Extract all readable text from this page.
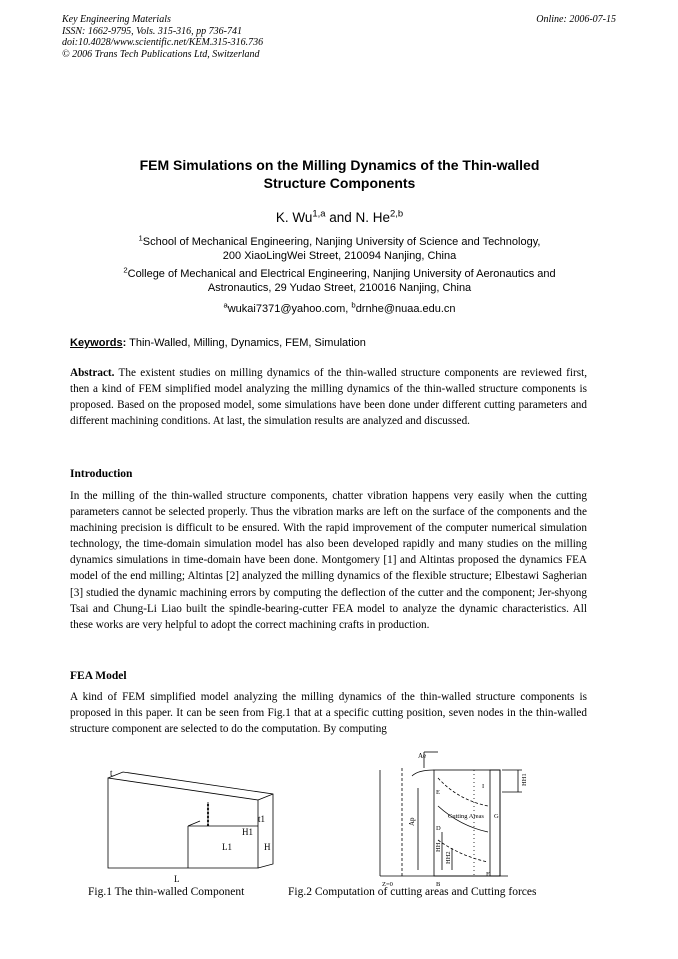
Key Engineering Materials
ISSN: 1662-9795, Vols. 315-316, pp 736-741
doi:10.4028/www.scientific.net/KEM.315-316.736
© 2006 Trans Tech Publications Ltd, Switzerland
Online: 2006-07-15
FEM Simulations on the Milling Dynamics of the Thin-walled
Structure Components
K. Wu$^{1,a}$ and N. He$^{2,b}$
$^1$School of Mechanical Engineering, Nanjing University of Science and Technology,
200 XiaoLingWei Street, 210094 Nanjing, China
$^2$College of Mechanical and Electrical Engineering, Nanjing University of Aeronautics and
Astronautics, 29 Yudao Street, 210016 Nanjing, China
$^a$wukai7371@yahoo.com, $^b$drnhe@nuaa.edu.cn
Keywords: Thin-Walled, Milling, Dynamics, FEM, Simulation
Abstract. The existent studies on milling dynamics of the thin-walled structure components are reviewed first, then a kind of FEM simplified model analyzing the milling dynamics of the thin-walled structure components is proposed. Based on the proposed model, some simulations have been done under different cutting parameters and different machining conditions. At last, the simulation results are analyzed and discussed.
Introduction
In the milling of the thin-walled structure components, chatter vibration happens very easily when the cutting parameters cannot be selected properly. Thus the vibration marks are left on the surface of the components and the machining precision is difficult to be ensured. With the rapid improvement of the computer numerical simulation technology, the time-domain simulation model has also been developed rapidly and many studies on the milling dynamics simulations in time-domain have been done. Montgomery [1] and Altintas proposed the dynamics FEA model of the end milling; Altintas [2] analyzed the milling dynamics of the flexible structure; Elbestawi Sagherian [3] studied the dynamic machining errors by computing the deflection of the cutter and the component; Jer-shyong Tsai and Chung-Li Liao built the spindle-bearing-cutter FEA model to analyze the dynamic characteristics. All these works are very helpful to adopt the correct machining crafts in production.
FEA Model
A kind of FEM simplified model analyzing the milling dynamics of the thin-walled structure components is proposed in this paper. It can be seen from Fig.1 that at a specific cutting position, seven nodes in the thin-walled structure component are selected to do the computation. By computing
t
t1
H1
L1	H
L
Ae
Ap
HH1
HH
HH2
Cutting Areas
E
D
B
F
G
I
Z=0
Fig.1 The thin-walled Component	Fig.2 Computation of cutting areas and Cutting forces
